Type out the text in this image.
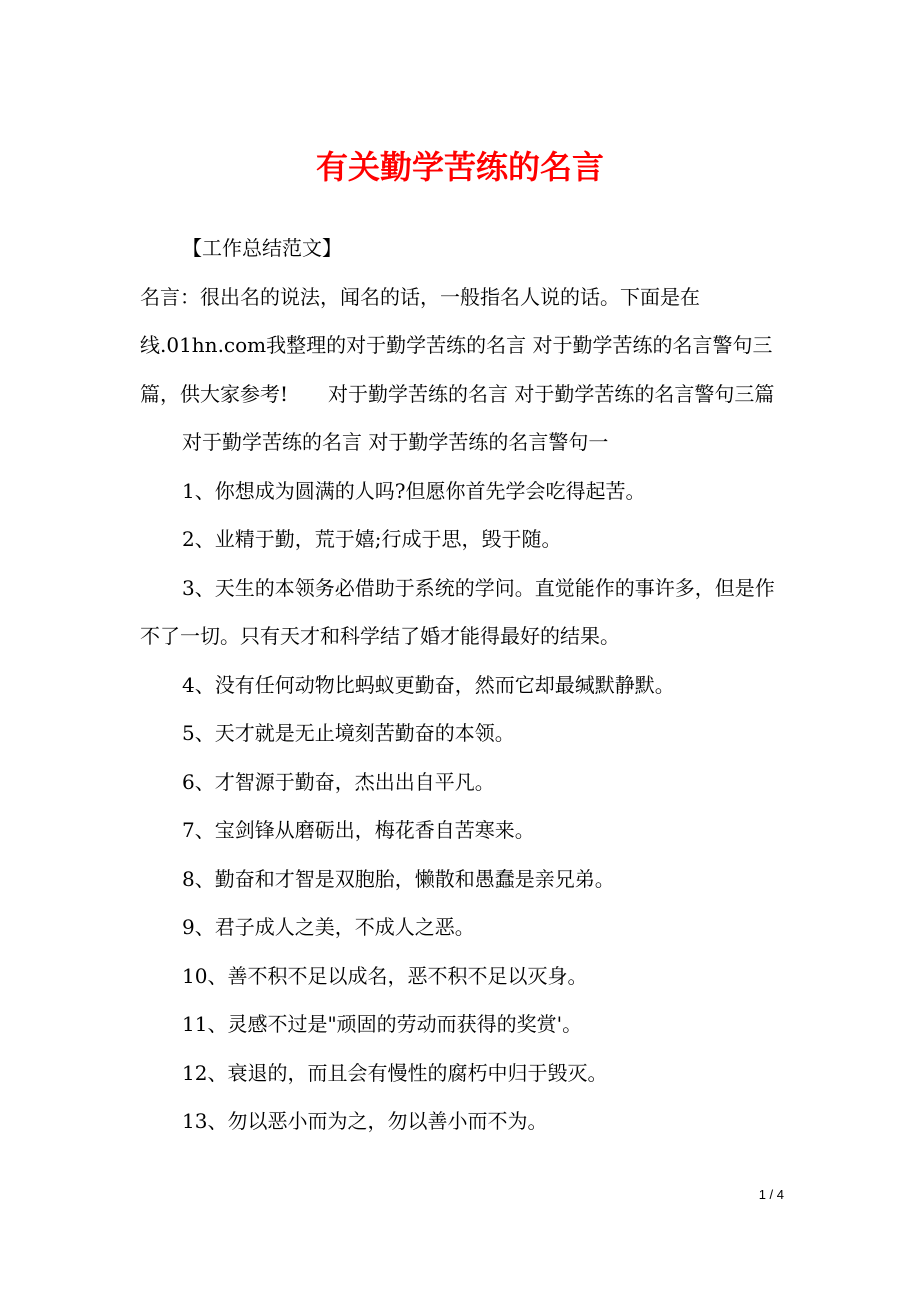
有关勤学苦练的名言

【工作总结范文】

名言：很出名的说法，闻名的话，一般指名人说的话。下面是在线.01hn.com我整理的对于勤学苦练的名言 对于勤学苦练的名言警句三篇，供大家参考!　　对于勤学苦练的名言 对于勤学苦练的名言警句三篇

对于勤学苦练的名言 对于勤学苦练的名言警句一

1、你想成为圆满的人吗?但愿你首先学会吃得起苦。

2、业精于勤，荒于嬉;行成于思，毁于随。

3、天生的本领务必借助于系统的学问。直觉能作的事许多，但是作不了一切。只有天才和科学结了婚才能得最好的结果。

4、没有任何动物比蚂蚁更勤奋，然而它却最缄默静默。

5、天才就是无止境刻苦勤奋的本领。

6、才智源于勤奋，杰出出自平凡。

7、宝剑锋从磨砺出，梅花香自苦寒来。

8、勤奋和才智是双胞胎，懒散和愚蠢是亲兄弟。

9、君子成人之美，不成人之恶。

10、善不积不足以成名，恶不积不足以灭身。

11、灵感不过是"顽固的劳动而获得的奖赏'。

12、衰退的，而且会有慢性的腐朽中归于毁灭。

13、勿以恶小而为之，勿以善小而不为。

1 / 4
